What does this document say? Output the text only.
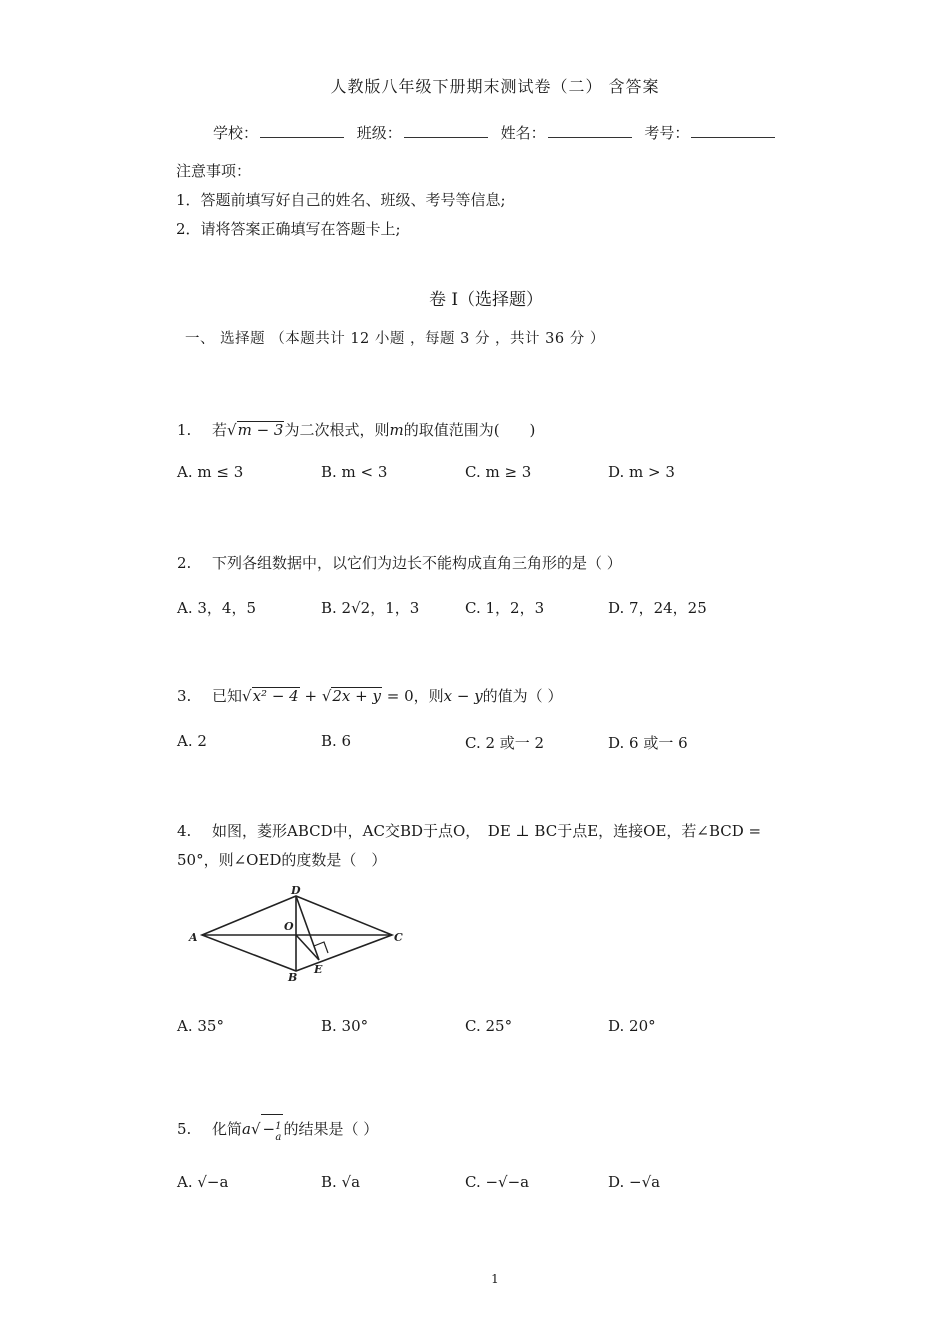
人教版八年级下册期末测试卷（二） 含答案
学校：	班级：	姓名：	考号：
注意事项：
1．答题前填写好自己的姓名、班级、考号等信息;
2．请将答案正确填写在答题卡上;
卷 I（选择题）
一、 选择题 （本题共计 12 小题 ，每题 3 分 ，共计 36 分 ）
1. 若√m − 3为二次根式，则m的取值范围为(　　)
A. m ≤ 3	B. m < 3	C. m ≥ 3	D. m > 3
2. 下列各组数据中，以它们为边长不能构成直角三角形的是（ ）
A. 3，4，5	B. 2√2，1，3	C. 1，2，3	D. 7，24，25
3. 已知√x² − 4 + √2x + y = 0，则x − y的值为（ ）
A. 2	B. 6	C. 2 或一 2	D. 6 或一 6
4. 如图，菱形ABCD中，AC交BD于点O，　DE ⊥ BC于点E，连接OE，若∠BCD =
50°，则∠OED的度数是（　）
D
O
A	C
B
E
A. 35°	B. 30°	C. 25°	D. 20°
5. 化简a√ − 1
a 的结果是（ ）
A. √−a	B. √a	C. −√−a	D. −√a
1
